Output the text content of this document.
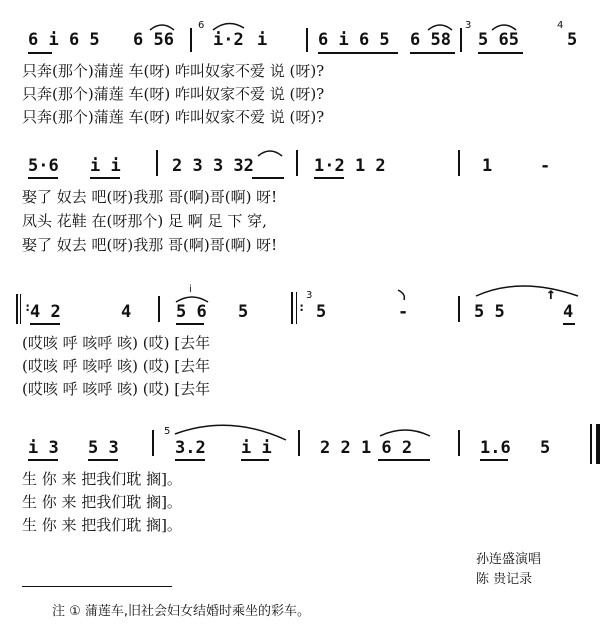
6 i 6 5 6 56
6
i·2 i	6 i 6 5 6 58
3
5 65
4
5
只奔(那个)蒲莲 车(呀) 咋叫奴家不爱 说 (呀)?
只奔(那个)蒲莲 车(呀) 咋叫奴家不爱 说 (呀)?
只奔(那个)蒲莲 车(呀) 咋叫奴家不爱 说 (呀)?
5·6 i i	2 3 3 32	1·2 1 2	1	-
娶了 奴去 吧(呀)我那 哥(啊)哥(啊) 呀!
凤头 花鞋 在(呀那个) 足 啊 足 下 穿,
娶了 奴去 吧(呀)我那 哥(啊)哥(啊) 呀!
:
4 2	4
i
5 6 5	:
3
5	-	5 5	4
↑
(哎咳 呼 咳呼 咳) (哎) [去年
(哎咳 呼 咳呼 咳) (哎) [去年
(哎咳 呼 咳呼 咳) (哎) [去年
i 3 5 3
5
3.2 i i	2 2 1 6 2	1.6 5
生 你 来 把我们耽 搁]。
生 你 来 把我们耽 搁]。
生 你 来 把我们耽 搁]。
孙连盛演唱
陈 贵记录
注 ① 蒲莲车,旧社会妇女结婚时乘坐的彩车。
